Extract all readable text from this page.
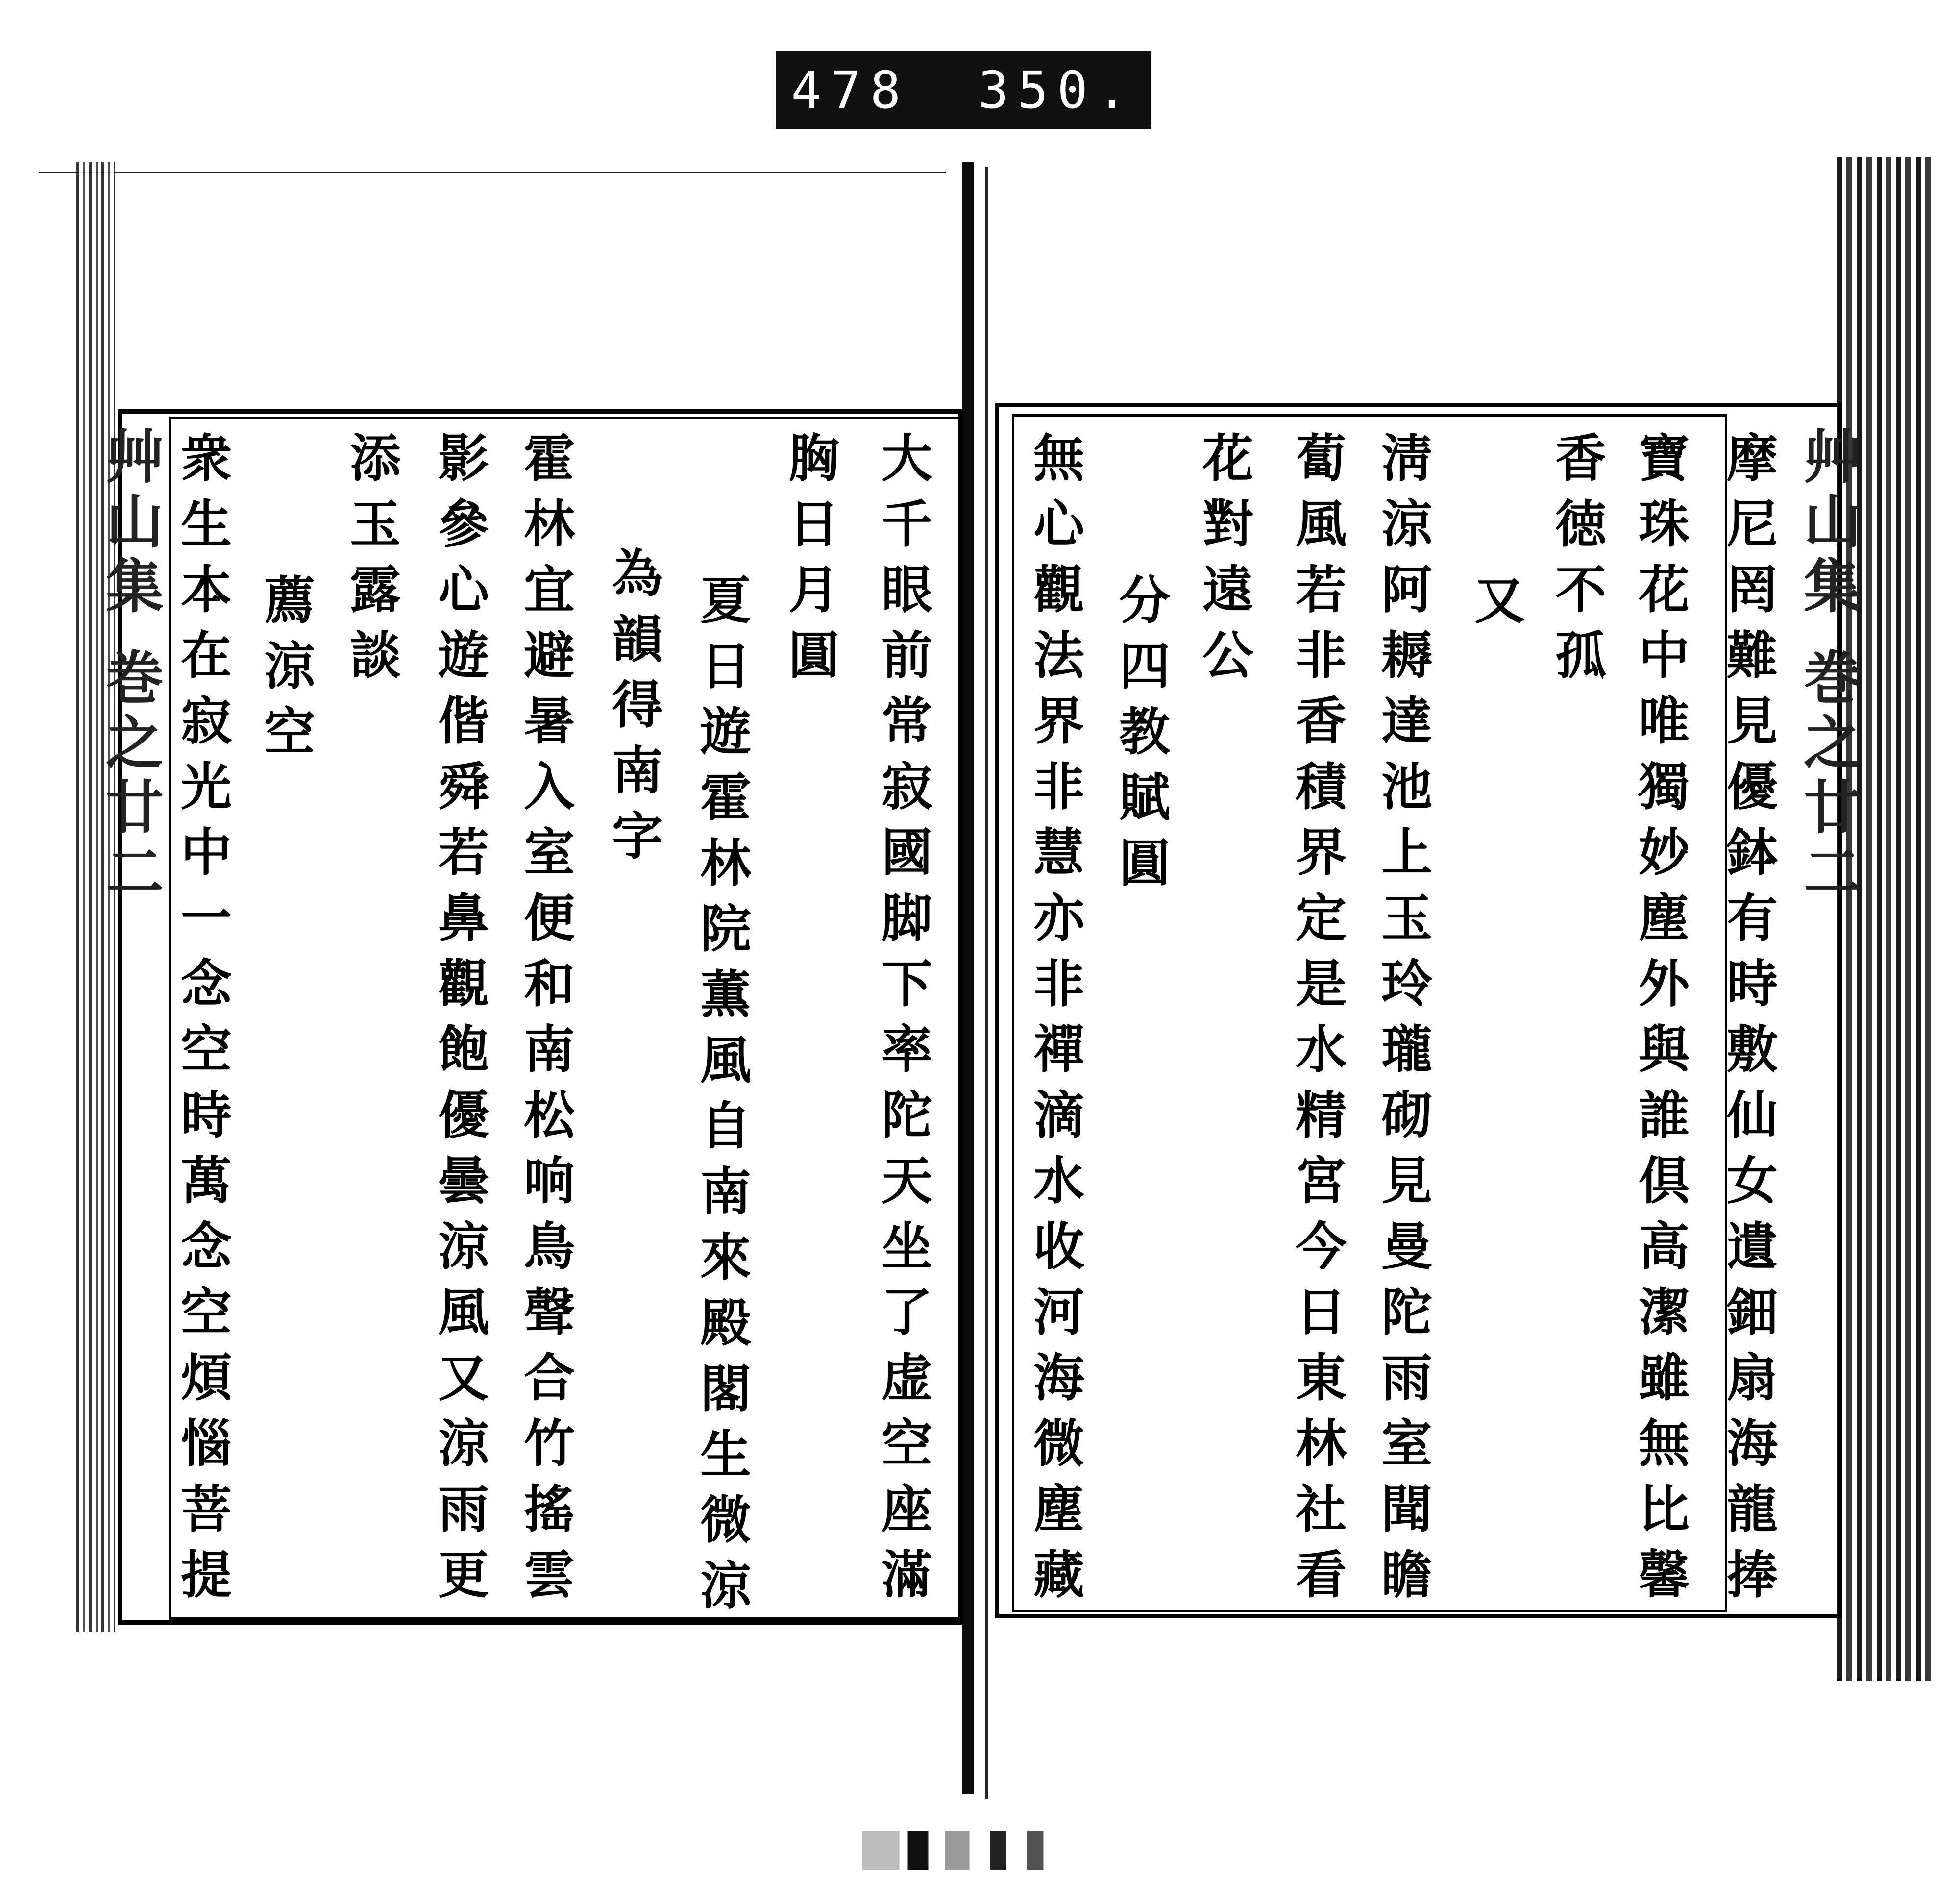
478 350.
艸山集 巻之廿二	艸山集 巻之廿二
摩尼罔難見優鉢有時敷仙女遺鈿扇海龍捧
寶珠花中唯獨妙塵外與誰倶高潔雖無比馨
香徳不孤
又
淸涼阿耨達池上玉玲瓏砌見曼陀雨室聞瞻
蔔風若非香積界定是水精宮今日東林社看
花對遠公
分四教賦圓
無心觀法界非慧亦非禪滴水收河海微塵藏
大千眼前常寂國脚下率陀天坐了虚空座滿
胸日月圓
夏日遊霍林院薫風自南來殿閣生微涼
為韻得南字
霍林宜避暑入室便和南松响鳥聲合竹搖雲
影參心遊偕舜若鼻觀飽優曇涼風又涼雨更
添玉露談
薦涼空
衆生本在寂光中一念空時萬念空煩惱菩提
